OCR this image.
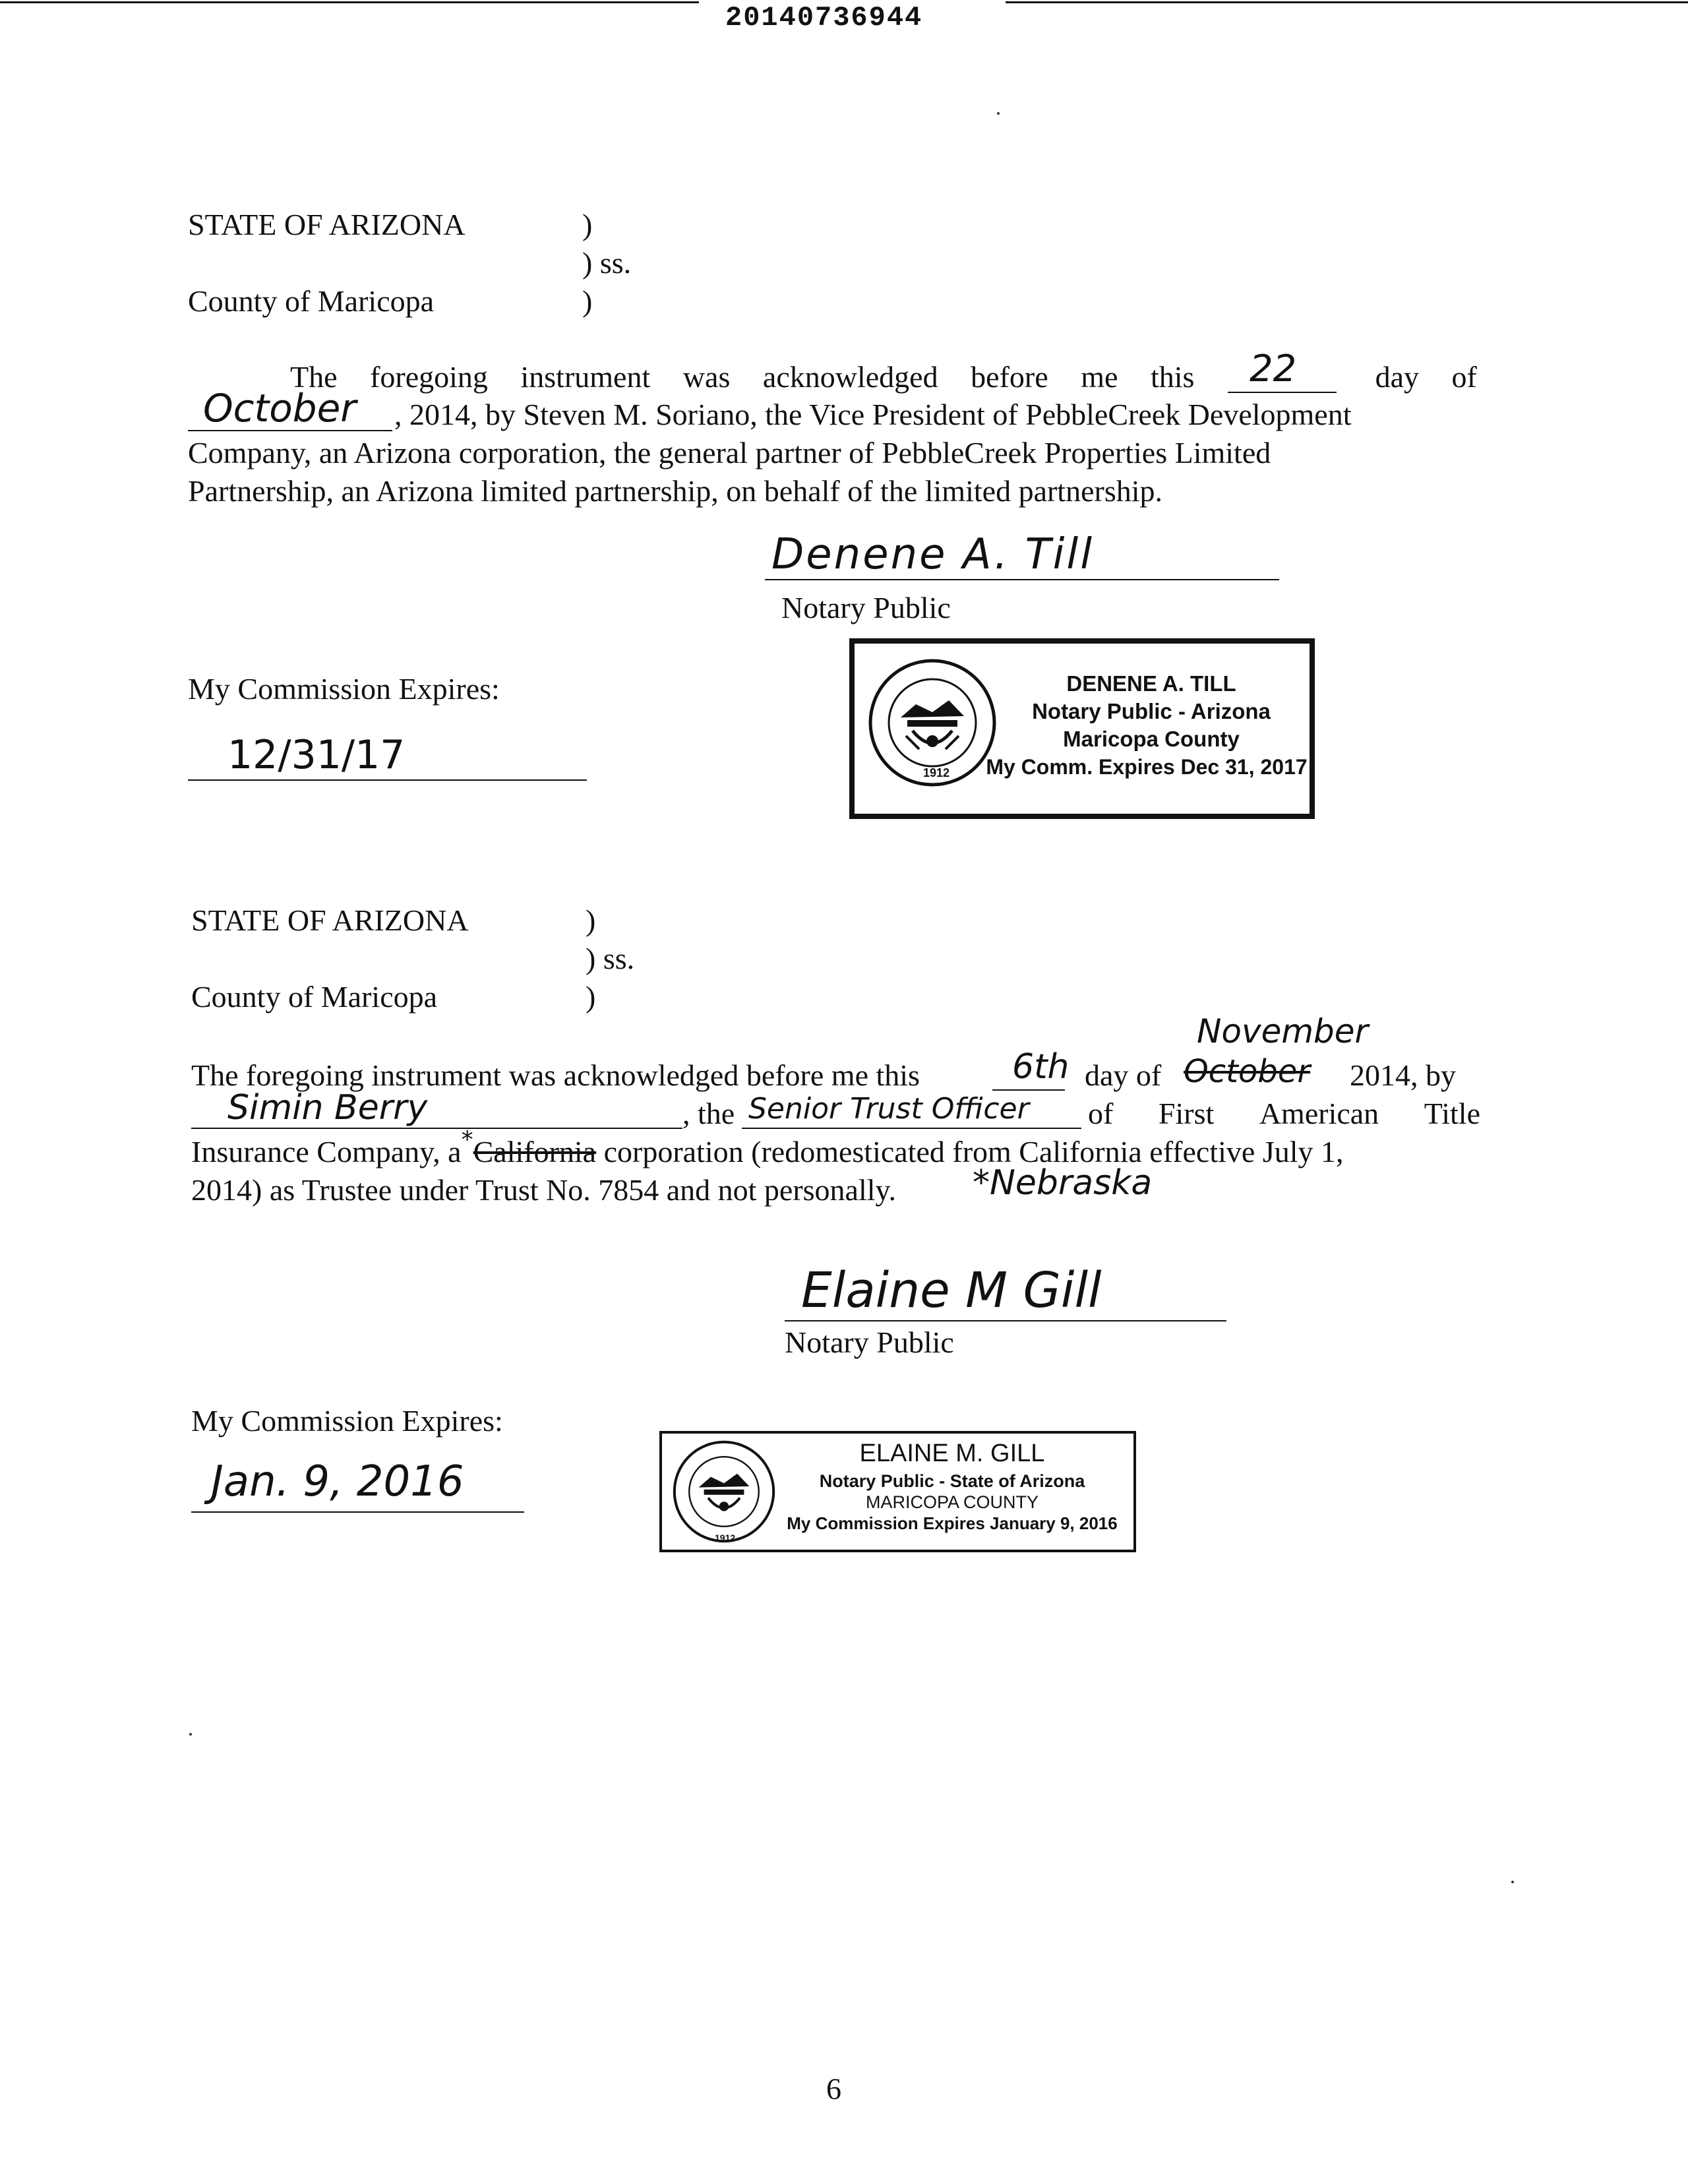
20140736944
STATE OF ARIZONA	)
) ss.
County of Maricopa	)
The foregoing instrument was acknowledged before me this	day of
22
October , 2014, by Steven M. Soriano, the Vice President of PebbleCreek Development
Company, an Arizona corporation, the general partner of PebbleCreek Properties Limited
Partnership, an Arizona limited partnership, on behalf of the limited partnership.
Denene A. Till
Notary Public
My Commission Expires:
12/31/17	1912
DENENE A. TILL
Notary Public - Arizona
Maricopa County
My Comm. Expires Dec 31, 2017
STATE OF ARIZONA	)
) ss.
County of Maricopa	)
November
The foregoing instrument was acknowledged before me this	6th day of October 2014, by
Simin Berry	, the Senior Trust Officer of First American Title
Insurance Company, a*California corporation (redomesticated from California effective July 1,
2014) as Trustee under Trust No. 7854 and not personally. *Nebraska
Elaine M Gill
Notary Public
My Commission Expires:
Jan. 9, 2016
1912
ELAINE M. GILL
Notary Public - State of Arizona
MARICOPA COUNTY
My Commission Expires January 9, 2016
6
